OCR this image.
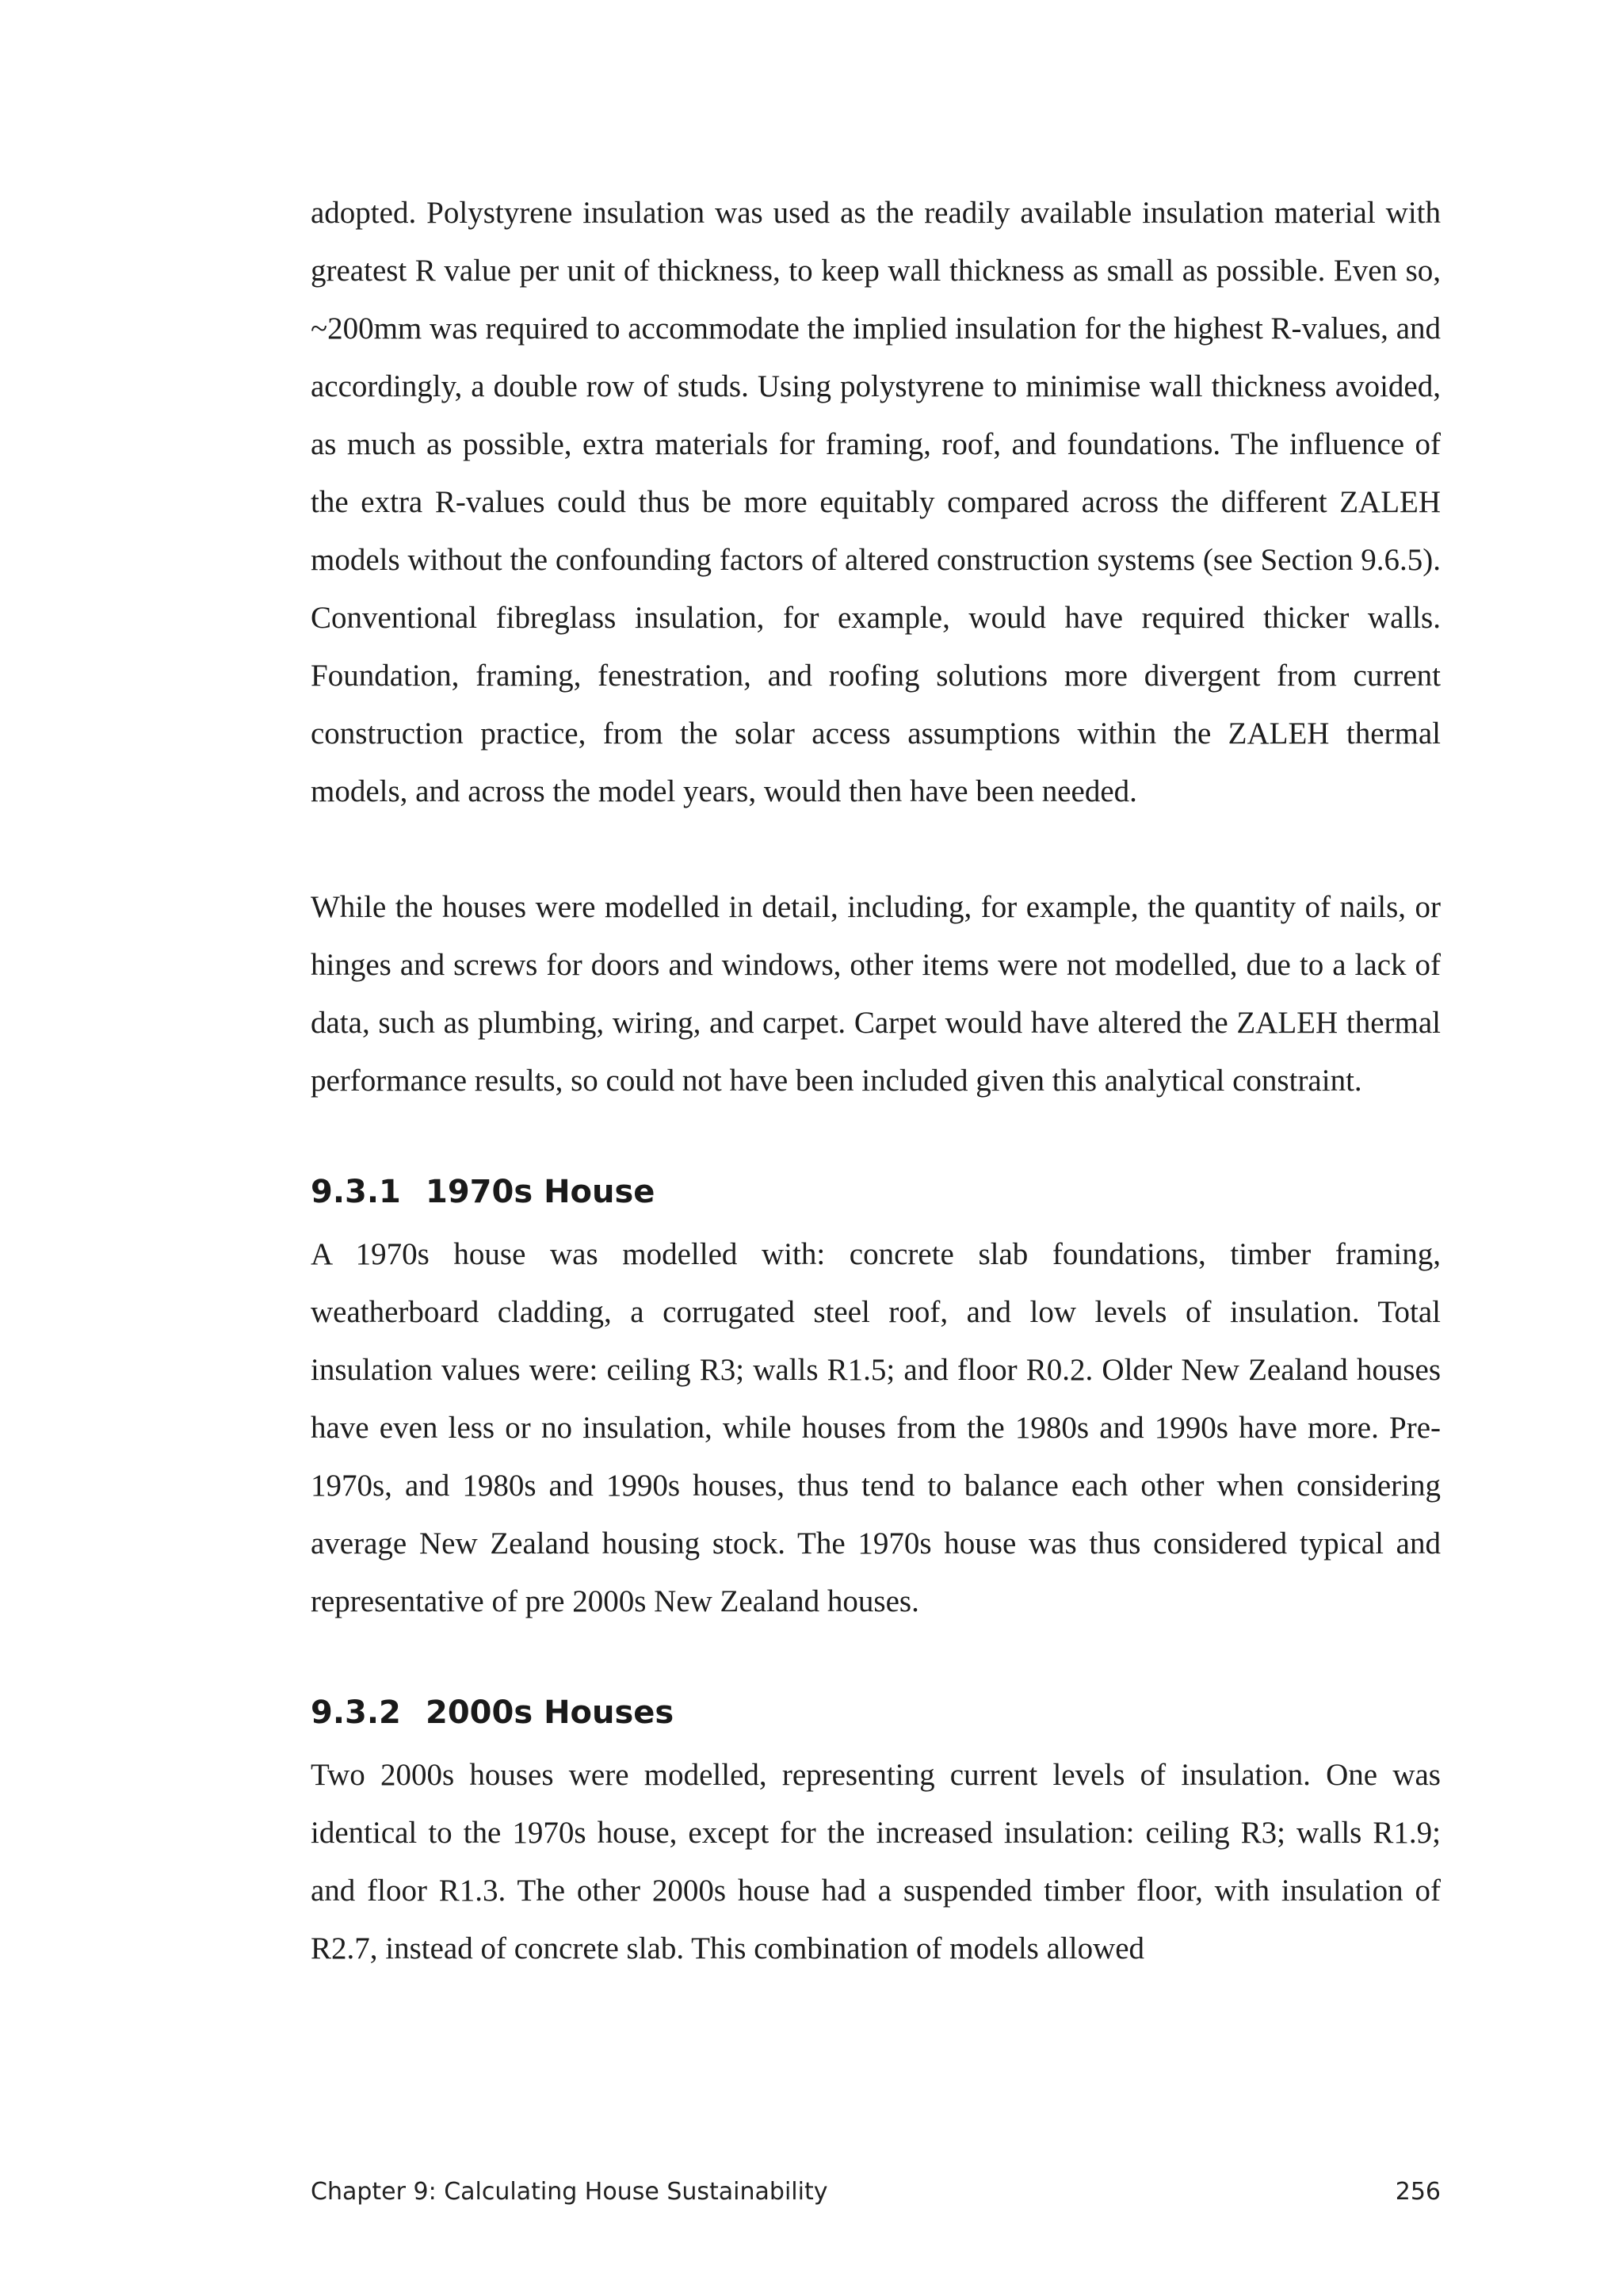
adopted. Polystyrene insulation was used as the readily available insulation material with greatest R value per unit of thickness, to keep wall thickness as small as possible. Even so, ~200mm was required to accommodate the implied insulation for the highest R-values, and accordingly, a double row of studs. Using polystyrene to minimise wall thickness avoided, as much as possible, extra materials for framing, roof, and foundations. The influence of the extra R-values could thus be more equitably compared across the different ZALEH models without the confounding factors of altered construction systems (see Section 9.6.5). Conventional fibreglass insulation, for example, would have required thicker walls. Foundation, framing, fenestration, and roofing solutions more divergent from current construction practice, from the solar access assumptions within the ZALEH thermal models, and across the model years, would then have been needed.

While the houses were modelled in detail, including, for example, the quantity of nails, or hinges and screws for doors and windows, other items were not modelled, due to a lack of data, such as plumbing, wiring, and carpet. Carpet would have altered the ZALEH thermal performance results, so could not have been included given this analytical constraint.

9.3.1 1970s House

A 1970s house was modelled with: concrete slab foundations, timber framing, weatherboard cladding, a corrugated steel roof, and low levels of insulation. Total insulation values were: ceiling R3; walls R1.5; and floor R0.2. Older New Zealand houses have even less or no insulation, while houses from the 1980s and 1990s have more. Pre-1970s, and 1980s and 1990s houses, thus tend to balance each other when considering average New Zealand housing stock. The 1970s house was thus considered typical and representative of pre 2000s New Zealand houses.

9.3.2 2000s Houses

Two 2000s houses were modelled, representing current levels of insulation. One was identical to the 1970s house, except for the increased insulation: ceiling R3; walls R1.9; and floor R1.3. The other 2000s house had a suspended timber floor, with insulation of R2.7, instead of concrete slab. This combination of models allowed

Chapter 9: Calculating House Sustainability	256
